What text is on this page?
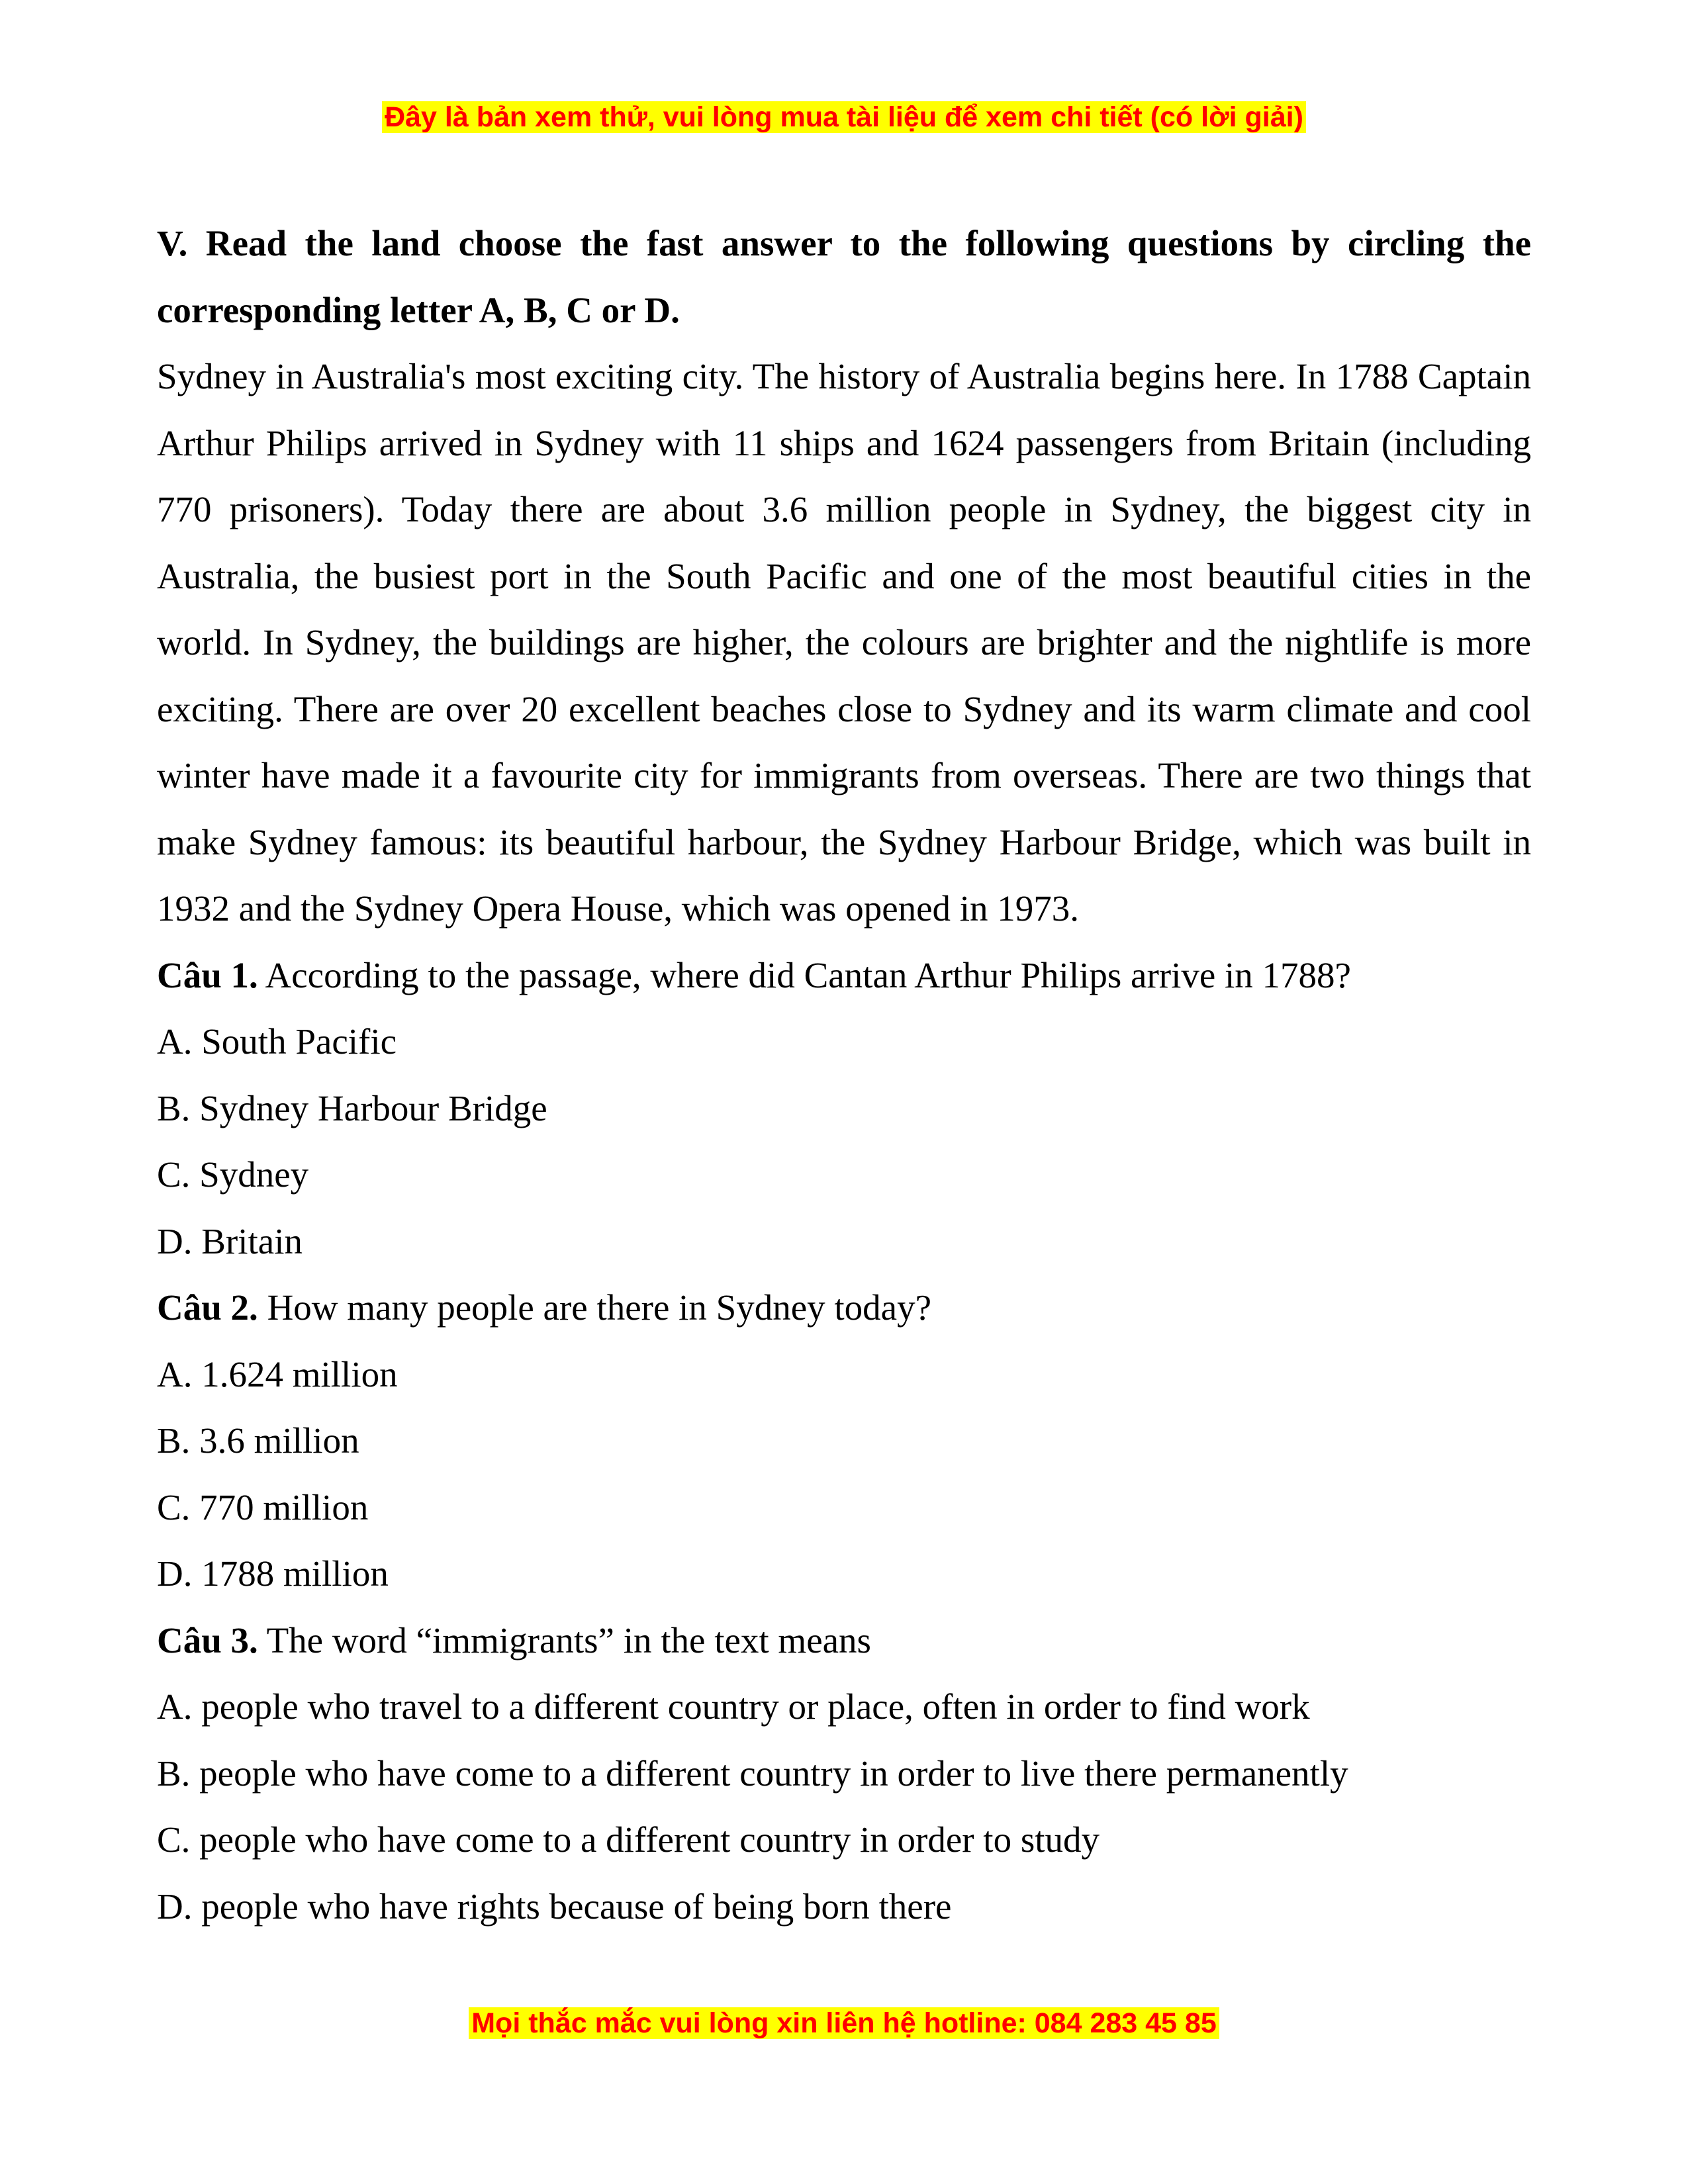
Đây là bản xem thử, vui lòng mua tài liệu để xem chi tiết (có lời giải)

V. Read the land choose the fast answer to the following questions by circling the corresponding letter A, B, C or D.

Sydney in Australia's most exciting city. The history of Australia begins here. In 1788 Captain Arthur Philips arrived in Sydney with 11 ships and 1624 passengers from Britain (including 770 prisoners). Today there are about 3.6 million people in Sydney, the biggest city in Australia, the busiest port in the South Pacific and one of the most beautiful cities in the world. In Sydney, the buildings are higher, the colours are brighter and the nightlife is more exciting. There are over 20 excellent beaches close to Sydney and its warm climate and cool winter have made it a favourite city for immigrants from overseas. There are two things that make Sydney famous: its beautiful harbour, the Sydney Harbour Bridge, which was built in 1932 and the Sydney Opera House, which was opened in 1973.

Câu 1. According to the passage, where did Cantan Arthur Philips arrive in 1788?

A. South Pacific

B. Sydney Harbour Bridge

C. Sydney

D. Britain

Câu 2. How many people are there in Sydney today?

A. 1.624 million

B. 3.6 million

C. 770 million

D. 1788 million

Câu 3. The word “immigrants” in the text means

A. people who travel to a different country or place, often in order to find work

B. people who have come to a different country in order to live there permanently

C. people who have come to a different country in order to study

D. people who have rights because of being born there

Mọi thắc mắc vui lòng xin liên hệ hotline: 084 283 45 85
